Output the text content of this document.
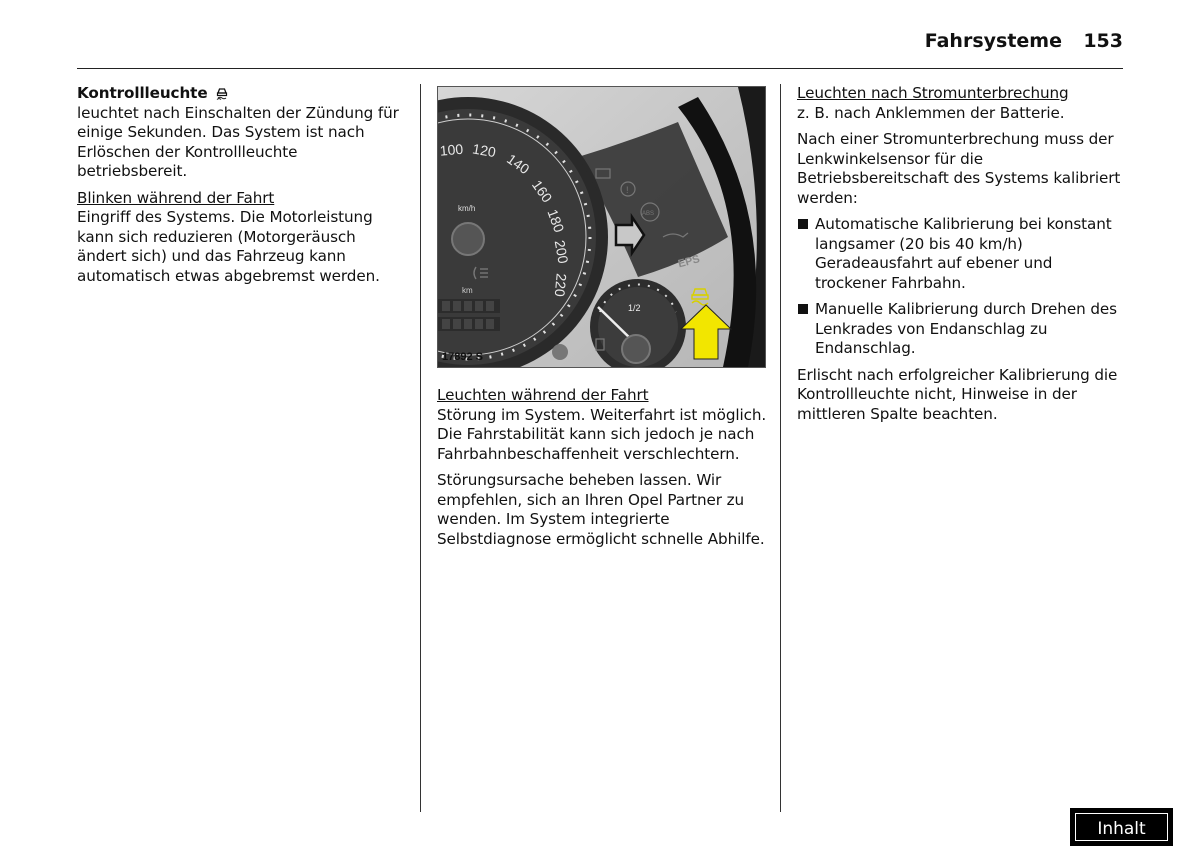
Fahrsysteme 153

Kontrollleuchte
leuchtet nach Einschalten der Zündung für einige Sekunden. Das System ist nach Erlöschen der Kontrollleuchte betriebsbereit.

Blinken während der Fahrt
Eingriff des Systems. Die Motorleistung kann sich reduzieren (Motorgeräusch ändert sich) und das Fahrzeug kann automatisch etwas abgebremst werden.

100 120
140
160
180
200
220
km/h
km
!
ABS
EPS
1/2
17892 S

Leuchten während der Fahrt
Störung im System. Weiterfahrt ist möglich. Die Fahrstabilität kann sich jedoch je nach Fahrbahnbeschaffenheit verschlechtern.

Störungsursache beheben lassen. Wir empfehlen, sich an Ihren Opel Partner zu wenden. Im System integrierte Selbstdiagnose ermöglicht schnelle Abhilfe.

Leuchten nach Stromunterbrechung
z. B. nach Anklemmen der Batterie.

Nach einer Stromunterbrechung muss der Lenkwinkelsensor für die Betriebsbereitschaft des Systems kalibriert werden:

Automatische Kalibrierung bei konstant langsamer (20 bis 40 km/h) Geradeausfahrt auf ebener und trockener Fahrbahn.
Manuelle Kalibrierung durch Drehen des Lenkrades von Endanschlag zu Endanschlag.

Erlischt nach erfolgreicher Kalibrierung die Kontrollleuchte nicht, Hinweise in der mittleren Spalte beachten.

Inhalt
